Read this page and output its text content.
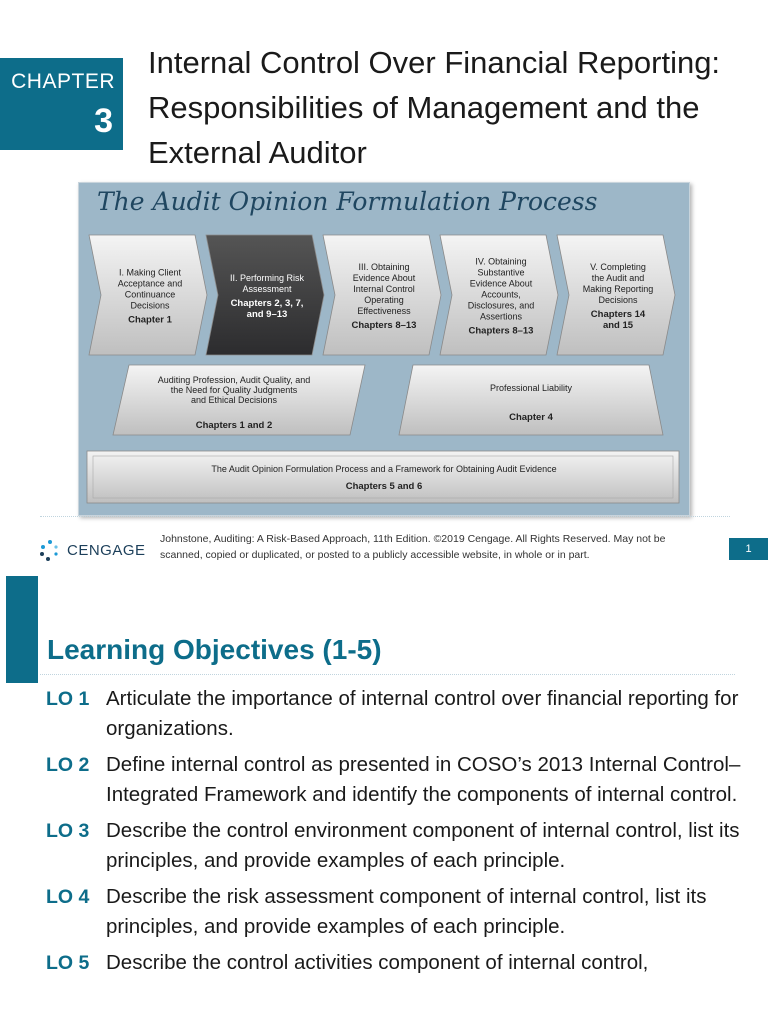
CHAPTER
3
Internal Control Over Financial Reporting: Responsibilities of Management and the External Auditor
I. Making Client
Acceptance and
Continuance
Decisions
Chapter 1
II. Performing Risk
Assessment
Chapters 2, 3, 7,
and 9–13
III. Obtaining
Evidence About
Internal Control
Operating
Effectiveness
Chapters 8–13
IV. Obtaining
Substantive
Evidence About
Accounts,
Disclosures, and
Assertions
Chapters 8–13
V. Completing
the Audit and
Making Reporting
Decisions
Chapters 14
and 15
Auditing Profession, Audit Quality, and
the Need for Quality Judgments
and Ethical Decisions
Chapters 1 and 2
Professional Liability
Chapter 4
The Audit Opinion Formulation Process and a Framework for Obtaining Audit Evidence
Chapters 5 and 6
The Audit Opinion Formulation Process
CENGAGE
Johnstone, Auditing: A Risk-Based Approach, 11th Edition. ©2019 Cengage. All Rights Reserved. May not be scanned, copied or duplicated, or posted to a publicly accessible website, in whole or in part.	1
Learning Objectives (1-5)
LO 1 Articulate the importance of internal control over financial reporting for organizations.
LO 2 Define internal control as presented in COSO’s 2013 Internal Control–Integrated Framework and identify the components of internal control.
LO 3 Describe the control environment component of internal control, list its principles, and provide examples of each principle.
LO 4 Describe the risk assessment component of internal control, list its principles, and provide examples of each principle.
LO 5 Describe the control activities component of internal control,
